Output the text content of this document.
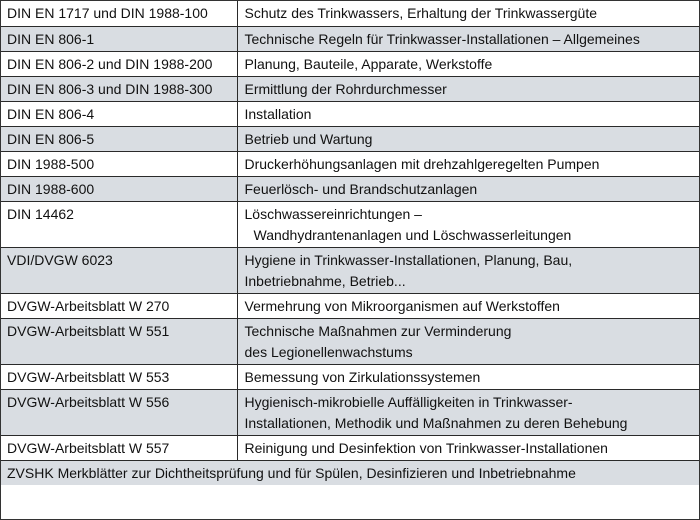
DIN EN 1717 und DIN 1988-100	Schutz des Trinkwassers, Erhaltung der Trinkwassergüte
DIN EN 806-1	Technische Regeln für Trinkwasser-Installationen – Allgemeines
DIN EN 806-2 und DIN 1988-200	Planung, Bauteile, Apparate, Werkstoffe
DIN EN 806-3 und DIN 1988-300	Ermittlung der Rohrdurchmesser
DIN EN 806-4	Installation
DIN EN 806-5	Betrieb und Wartung
DIN 1988-500	Druckerhöhungsanlagen mit drehzahlgeregelten Pumpen
DIN 1988-600	Feuerlösch- und Brandschutzanlagen
DIN 14462	Löschwassereinrichtungen –
Wandhydrantenanlagen und Löschwasserleitungen

VDI/DVGW 6023	Hygiene in Trinkwasser-Installationen, Planung, Bau,
Inbetriebnahme, Betrieb...

DVGW-Arbeitsblatt W 270	Vermehrung von Mikroorganismen auf Werkstoffen
DVGW-Arbeitsblatt W 551	Technische Maßnahmen zur Verminderung
des Legionellenwachstums

DVGW-Arbeitsblatt W 553	Bemessung von Zirkulationssystemen
DVGW-Arbeitsblatt W 556	Hygienisch-mikrobielle Auffälligkeiten in Trinkwasser-
Installationen, Methodik und Maßnahmen zu deren Behebung

DVGW-Arbeitsblatt W 557	Reinigung und Desinfektion von Trinkwasser-Installationen
ZVSHK Merkblätter zur Dichtheitsprüfung und für Spülen, Desinfizieren und Inbetriebnahme	
